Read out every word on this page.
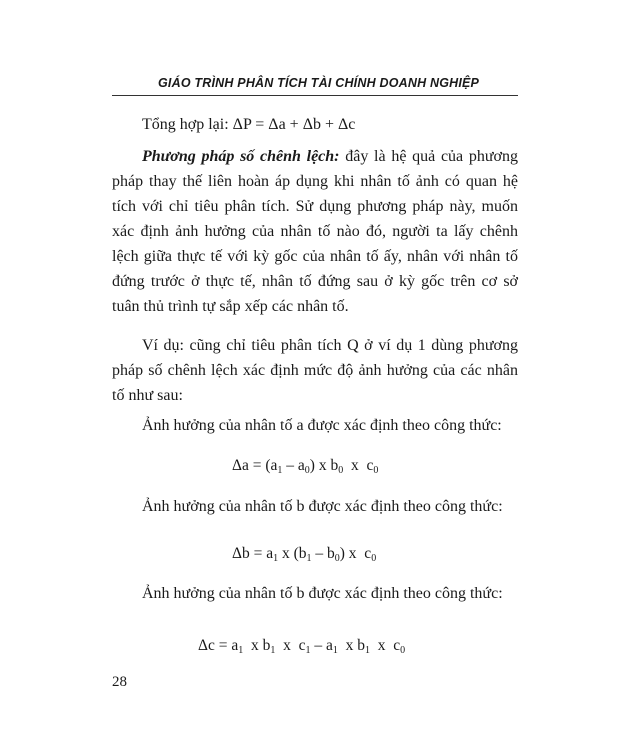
GIÁO TRÌNH PHÂN TÍCH TÀI CHÍNH DOANH NGHIỆP

Tổng hợp lại: ΔP = Δa + Δb + Δc

Phương pháp số chênh lệch: đây là hệ quả của phương pháp thay thế liên hoàn áp dụng khi nhân tố ảnh có quan hệ tích với chỉ tiêu phân tích. Sử dụng phương pháp này, muốn xác định ảnh hưởng của nhân tố nào đó, người ta lấy chênh lệch giữa thực tế với kỳ gốc của nhân tố ấy, nhân với nhân tố đứng trước ở thực tế, nhân tố đứng sau ở kỳ gốc trên cơ sở tuân thủ trình tự sắp xếp các nhân tố.

Ví dụ: cũng chỉ tiêu phân tích Q ở ví dụ 1 dùng phương pháp số chênh lệch xác định mức độ ảnh hưởng của các nhân tố như sau:

Ảnh hưởng của nhân tố a được xác định theo công thức:

$\Delta a = (a_1 - a_0)$ x $b_0$  x  $c_0$

Ảnh hưởng của nhân tố b được xác định theo công thức:

$\Delta b = a_1$ x $(b_1 - b_0)$ x  $c_0$

Ảnh hưởng của nhân tố b được xác định theo công thức:

$\Delta c = a_1$  x $b_1$  x  $c_1 - a_1$  x $b_1$  x  $c_0$
28
